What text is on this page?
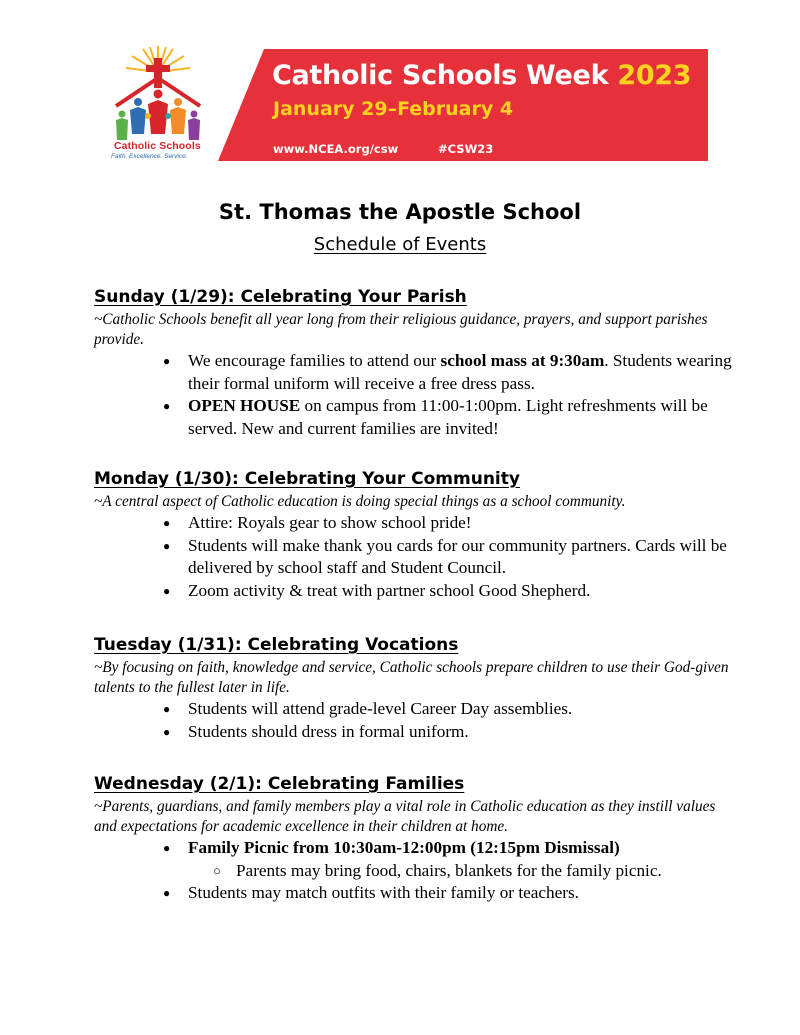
Catholic Schools
Faith. Excellence. Service.
Catholic Schools Week 2023
January 29–February 4
www.NCEA.org/csw	#CSW23
St. Thomas the Apostle School
Schedule of Events

Sunday (1/29): Celebrating Your Parish

~Catholic Schools benefit all year long from their religious guidance, prayers, and support parishes provide.

● We encourage families to attend our school mass at 9:30am. Students wearing their formal uniform will receive a free dress pass.
● OPEN HOUSE on campus from 11:00-1:00pm. Light refreshments will be served. New and current families are invited!

Monday (1/30): Celebrating Your Community

~A central aspect of Catholic education is doing special things as a school community.

● Attire: Royals gear to show school pride!
● Students will make thank you cards for our community partners. Cards will be delivered by school staff and Student Council.
● Zoom activity & treat with partner school Good Shepherd.

Tuesday (1/31): Celebrating Vocations

~By focusing on faith, knowledge and service, Catholic schools prepare children to use their God-given talents to the fullest later in life.

● Students will attend grade-level Career Day assemblies.
● Students should dress in formal uniform.

Wednesday (2/1): Celebrating Families

~Parents, guardians, and family members play a vital role in Catholic education as they instill values and expectations for academic excellence in their children at home.

● Family Picnic from 10:30am-12:00pm (12:15pm Dismissal)
○ Parents may bring food, chairs, blankets for the family picnic.
● Students may match outfits with their family or teachers.
